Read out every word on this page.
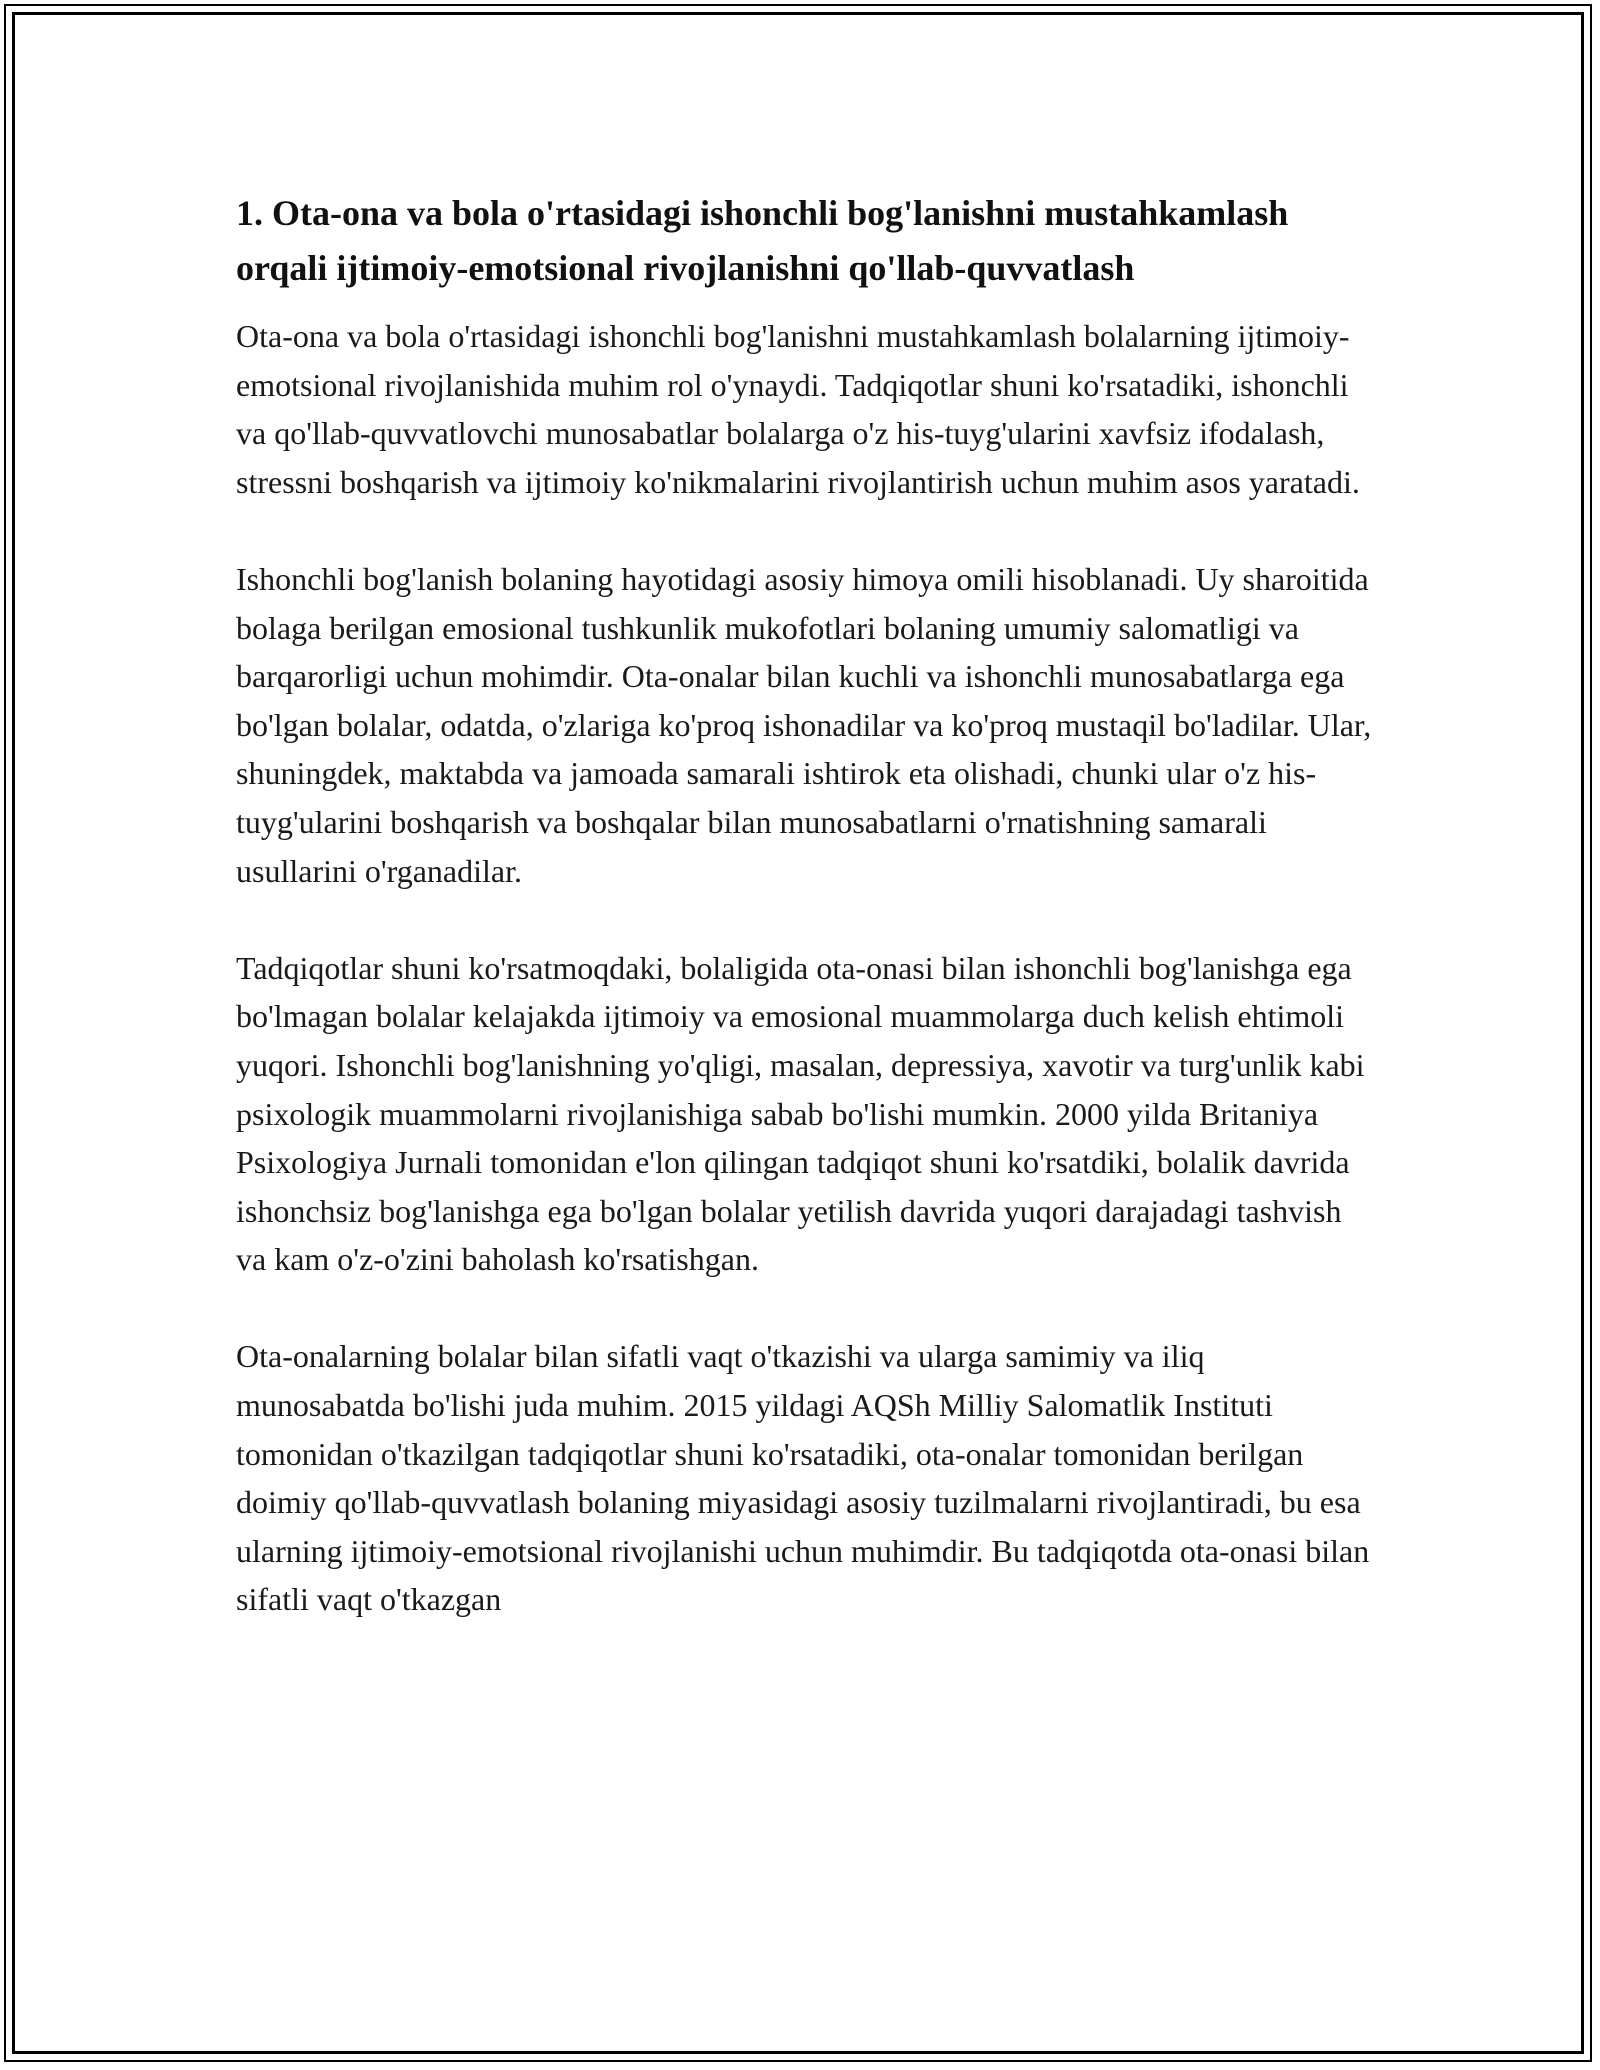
1. Ota-ona va bola o'rtasidagi ishonchli bog'lanishni mustahkamlash orqali ijtimoiy-emotsional rivojlanishni qo'llab-quvvatlash

Ota-ona va bola o'rtasidagi ishonchli bog'lanishni mustahkamlash bolalarning ijtimoiy-emotsional rivojlanishida muhim rol o'ynaydi. Tadqiqotlar shuni ko'rsatadiki, ishonchli va qo'llab-quvvatlovchi munosabatlar bolalarga o'z his-tuyg'ularini xavfsiz ifodalash, stressni boshqarish va ijtimoiy ko'nikmalarini rivojlantirish uchun muhim asos yaratadi.

Ishonchli bog'lanish bolaning hayotidagi asosiy himoya omili hisoblanadi. Uy sharoitida bolaga berilgan emosional tushkunlik mukofotlari bolaning umumiy salomatligi va barqarorligi uchun mohimdir. Ota-onalar bilan kuchli va ishonchli munosabatlarga ega bo'lgan bolalar, odatda, o'zlariga ko'proq ishonadilar va ko'proq mustaqil bo'ladilar. Ular, shuningdek, maktabda va jamoada samarali ishtirok eta olishadi, chunki ular o'z his-tuyg'ularini boshqarish va boshqalar bilan munosabatlarni o'rnatishning samarali usullarini o'rganadilar.

Tadqiqotlar shuni ko'rsatmoqdaki, bolaligida ota-onasi bilan ishonchli bog'lanishga ega bo'lmagan bolalar kelajakda ijtimoiy va emosional muammolarga duch kelish ehtimoli yuqori. Ishonchli bog'lanishning yo'qligi, masalan, depressiya, xavotir va turg'unlik kabi psixologik muammolarni rivojlanishiga sabab bo'lishi mumkin. 2000 yilda Britaniya Psixologiya Jurnali tomonidan e'lon qilingan tadqiqot shuni ko'rsatdiki, bolalik davrida ishonchsiz bog'lanishga ega bo'lgan bolalar yetilish davrida yuqori darajadagi tashvish va kam o'z-o'zini baholash ko'rsatishgan.

Ota-onalarning bolalar bilan sifatli vaqt o'tkazishi va ularga samimiy va iliq munosabatda bo'lishi juda muhim. 2015 yildagi AQSh Milliy Salomatlik Instituti tomonidan o'tkazilgan tadqiqotlar shuni ko'rsatadiki, ota-onalar tomonidan berilgan doimiy qo'llab-quvvatlash bolaning miyasidagi asosiy tuzilmalarni rivojlantiradi, bu esa ularning ijtimoiy-emotsional rivojlanishi uchun muhimdir. Bu tadqiqotda ota-onasi bilan sifatli vaqt o'tkazgan
